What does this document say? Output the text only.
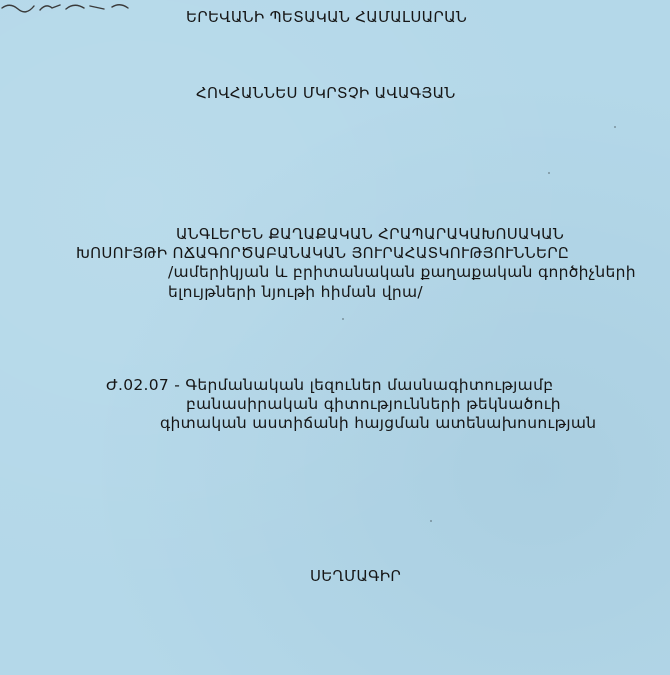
ԵՐԵՎԱՆԻ ՊԵՏԱԿԱՆ ՀԱՄԱԼՍԱՐԱՆ
ՀՈՎՀԱՆՆԵՍ ՄԿՐՏՉԻ ԱՎԱԳՅԱՆ
ԱՆԳԼԵՐԵՆ ՔԱՂԱՔԱԿԱՆ ՀՐԱՊԱՐԱԿԱԽՈՍԱԿԱՆ
ԽՈՍՈՒՅԹԻ ՈՃԱԳՈՐԾԱԲԱՆԱԿԱՆ ՅՈՒՐԱՀԱՏԿՈՒԹՅՈՒՆՆԵՐԸ
/ամերիկյան և բրիտանական քաղաքական գործիչների
ելույթների նյութի հիման վրա/
Ժ.02.07 - Գերմանական լեզուներ մասնագիտությամբ
բանասիրական գիտությունների թեկնածուի
գիտական աստիճանի հայցման ատենախոսության
ՍԵՂՄԱԳԻՐ
